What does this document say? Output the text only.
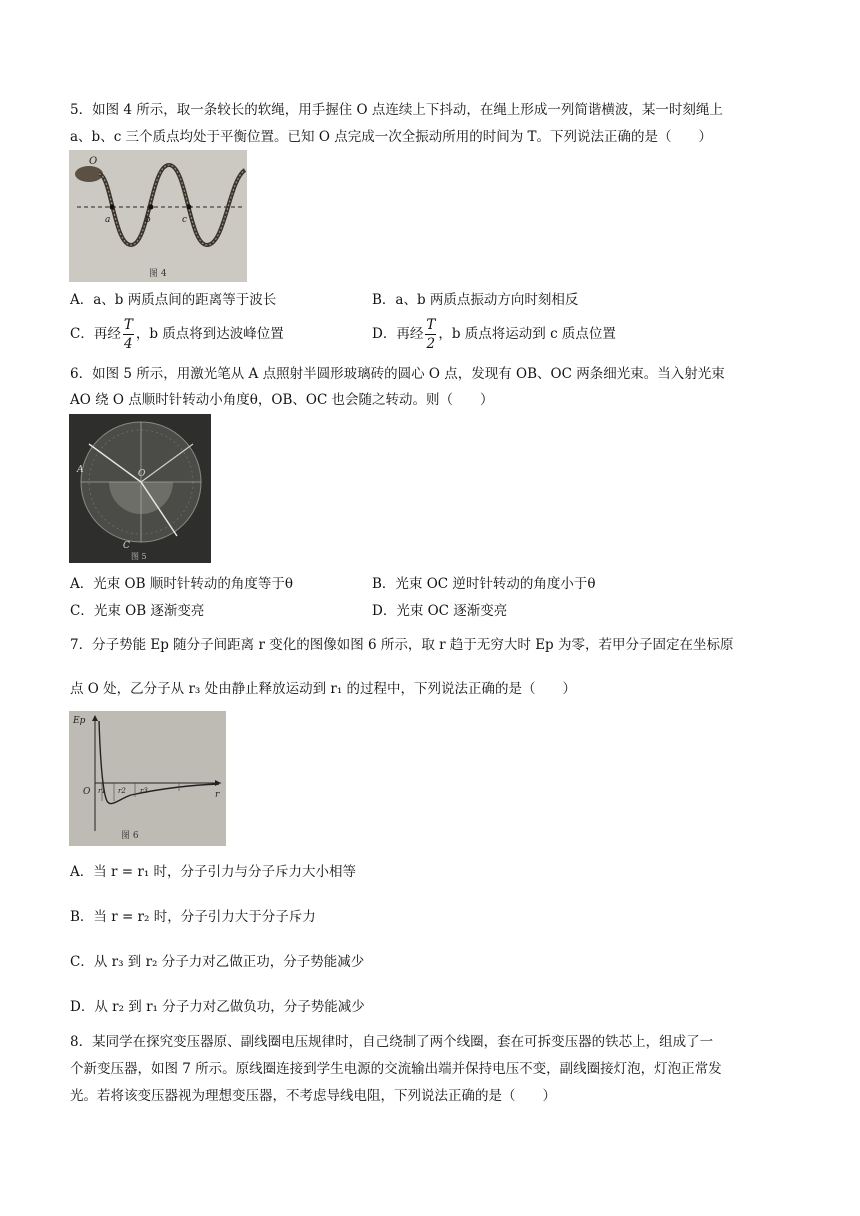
5．如图 4 所示，取一条较长的软绳，用手握住 O 点连续上下抖动，在绳上形成一列简谐横波，某一时刻绳上
a、b、c 三个质点均处于平衡位置。已知 O 点完成一次全振动所用的时间为 T。下列说法正确的是（　　）
O
a	b	c
图 4
A．a、b 两质点间的距离等于波长	B．a、b 两质点振动方向时刻相反
C．再经 $\frac{T}{4}$ ，b 质点将到达波峰位置	D．再经 $\frac{T}{2}$ ，b 质点将运动到 c 质点位置
6．如图 5 所示，用激光笔从 A 点照射半圆形玻璃砖的圆心 O 点，发现有 OB、OC 两条细光束。当入射光束
AO 绕 O 点顺时针转动小角度θ，OB、OC 也会随之转动。则（　　）
A	O
C
图 5
A．光束 OB 顺时针转动的角度等于θ	B．光束 OC 逆时针转动的角度小于θ
C．光束 OB 逐渐变亮	D．光束 OC 逐渐变亮
7．分子势能 Ep 随分子间距离 r 变化的图像如图 6 所示，取 r 趋于无穷大时 Ep 为零，若甲分子固定在坐标原
点 O 处，乙分子从 r₃ 处由静止释放运动到 r₁ 的过程中，下列说法正确的是（　　）
Ep
O	r
r1 r2 r3
图 6
A．当 r = r₁ 时，分子引力与分子斥力大小相等
B．当 r = r₂ 时，分子引力大于分子斥力
C．从 r₃ 到 r₂ 分子力对乙做正功，分子势能减少
D．从 r₂ 到 r₁ 分子力对乙做负功，分子势能减少
8．某同学在探究变压器原、副线圈电压规律时，自己绕制了两个线圈，套在可拆变压器的铁芯上，组成了一
个新变压器，如图 7 所示。原线圈连接到学生电源的交流输出端并保持电压不变，副线圈接灯泡，灯泡正常发
光。若将该变压器视为理想变压器，不考虑导线电阻，下列说法正确的是（　　）
